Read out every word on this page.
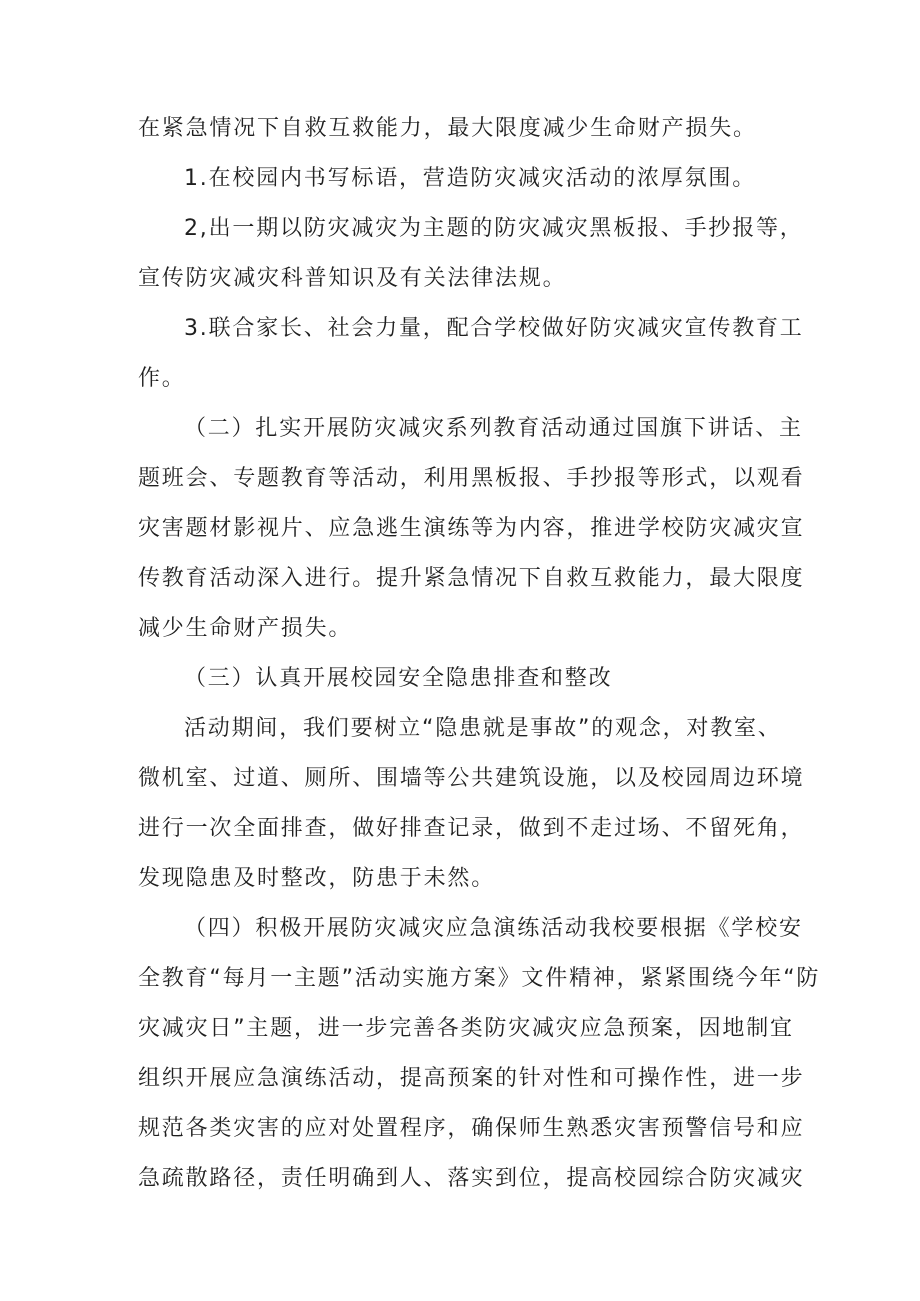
在紧急情况下自救互救能力，最大限度减少生命财产损失。
1.在校园内书写标语，营造防灾减灾活动的浓厚氛围。
2,出一期以防灾减灾为主题的防灾减灾黑板报、手抄报等，
宣传防灾减灾科普知识及有关法律法规。
3.联合家长、社会力量，配合学校做好防灾减灾宣传教育工
作。
（二）扎实开展防灾减灾系列教育活动通过国旗下讲话、主
题班会、专题教育等活动，利用黑板报、手抄报等形式，以观看
灾害题材影视片、应急逃生演练等为内容，推进学校防灾减灾宣
传教育活动深入进行。提升紧急情况下自救互救能力，最大限度
减少生命财产损失。
（三）认真开展校园安全隐患排查和整改
活动期间，我们要树立“隐患就是事故”的观念，对教室、
微机室、过道、厕所、围墙等公共建筑设施，以及校园周边环境
进行一次全面排查，做好排查记录，做到不走过场、不留死角，
发现隐患及时整改，防患于未然。
（四）积极开展防灾减灾应急演练活动我校要根据《学校安
全教育“每月一主题”活动实施方案》文件精神，紧紧围绕今年“防
灾减灾日”主题，进一步完善各类防灾减灾应急预案，因地制宜
组织开展应急演练活动，提高预案的针对性和可操作性，进一步
规范各类灾害的应对处置程序，确保师生熟悉灾害预警信号和应
急疏散路径，责任明确到人、落实到位，提高校园综合防灾减灾
